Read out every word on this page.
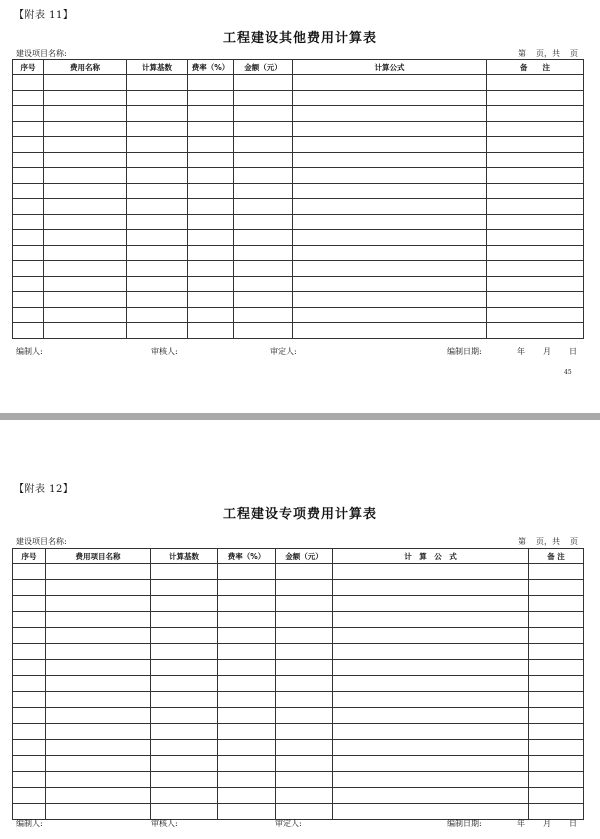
【附表 11】
工程建设其他费用计算表
建设项目名称:	第 页，共 页
序号	费用名称	计算基数	费率（%）	金额（元）	计算公式	备　　注

编制人:	审核人:	审定人:	编制日期:	年 月 日
45
【附表 12】
工程建设专项费用计算表
建设项目名称:	第 页，共 页
序号	费用项目名称	计算基数	费率（%）	金额（元）	计　算　公　式	备 注

编制人:	审核人:	审定人:	编制日期:	年 月 日
